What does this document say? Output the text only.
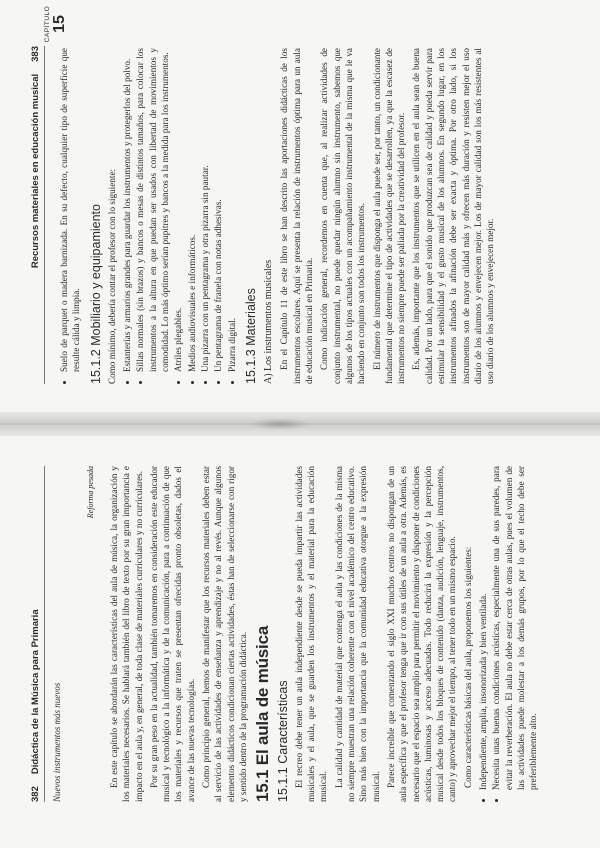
382
Didáctica de la Música para Primaria Nuevos instrumentos más nuevos
Reforma pesada En este capítulo se abordarán las características del aula de música, la organización y los materiales necesarios. Se hablará también del libro de texto por su gran importancia e impacto en el aula y, en general, de toda clase de materiales curriculares y no curriculares. Por su gran peso en la actualidad, también tomaremos en consideración este educador musical y tecnológico a la informática y de la comunicación, para a continuación de que los materiales y recursos que traten se presentan ofrecidas pronto obsoletas, dados el avance de las nuevas tecnologías. Como principio general, hemos de manifestar que los recursos materiales deben estar al servicio de las actividades de enseñanza y aprendizaje y no al revés. Aunque algunos elementos didácticos condicionan ciertas actividades, éstas han de seleccionarse con rigor y sentido dentro de la programación didáctica. 15.1 El aula de música 15.1.1 Características El recreo debe tener un aula independiente desde se pueda impartir las actividades musicales y el aula, que se guarden los instrumentos y el material para la educación musical. La calidad y cantidad de material que contenga el aula y las condiciones de la misma no siempre muestran una relación coherente con el nivel académico del centro educativo. Sino más bien con la importancia que la comunidad educativa otorgue a la expresión musical. Parece increíble que comenzando el siglo XXI muchos centros no dispongan de un aula específica y que el profesor tenga que ir con sus útiles de un aula a otra. Además, es necesario que el espacio sea amplio para permitir el movimiento y disponer de condiciones acústicas, luminosas y acceso adecuadas. Todo reducirá la expresión y la percepción musical desde todos los bloques de contenido (danza, audición, lenguaje, instrumentos, canto) y aprovechar mejor el tiempo, al tener todo en un mismo espacio. Como características básicas del aula, proponemos los siguientes: • Independiente, amplia, insonorizada y bien ventilada. • Necesita unas buenas condiciones acústicas, especialmente una de sus paredes, para evitar la reverberación. El aula no debe estar cerca de otras aulas, pues el volumen de las actividades puede molestar a los demás grupos, por lo que el techo debe ser preferiblemente alto.
Recursos materiales en educación musical
383
CAPÍTULO 15
• Suelo de parquet o madera barnizada. En su defecto, cualquier tipo de superficie que resulte cálida y limpia. 15.1.2 Mobiliario y equipamiento Como mínimo, debería contar el profesor con lo siguiente: • Estanterías y armarios grandes para guardar los instrumentos y protegerlos del polvo. • Sillas normales (sin brazos) y bancos o mesas de distintos tamaños, para colocar los instrumentos a la altura en que puedan ser usados con libertad de movimientos y comodidad. Lo más óptimo serían pupitres y bancos a la medida para los instrumentos. • Atriles plegables. • Medios audiovisuales e informáticos. • Una pizarra con un pentagrama y otra pizarra sin pautar. • Un pentagrama de franela con notas adhesivas. • Pizarra digital. 15.1.3 Materiales A) Los instrumentos musicales En el Capítulo 11 de este libro se han descrito las aportaciones didácticas de los instrumentos escolares. Aquí se presenta la relación de instrumentos óptima para un aula de educación musical en Primaria. Como indicación general, recordemos en cuenta que, al realizar actividades de conjunto instrumental, no puede quedar ningún alumno sin instrumento, sabemos que algunos de los tipos actuales con un acompañamiento instrumental de la misma que le va haciendo en conjunto son todos los instrumentos. El número de instrumentos que disponga el aula puede ser, por tanto, un condicionante fundamental que determine el tipo de actividades que se desarrollen, ya que la escasez de instrumentos no siempre puede ser paliada por la creatividad del profesor. Es, además, importante que los instrumentos que se utilicen en el aula sean de buena calidad. Por un lado, para que el sonido que produzcan sea de calidad y pueda servir para estimular la sensibilidad y el gusto musical de los alumnos. En segundo lugar, en los instrumentos afinados la afinación debe ser exacta y óptima. Por otro lado, si los instrumentos son de mayor calidad más y ofrecen más duración y resisten mejor el uso diario de los alumnos y envejecen mejor. Los de mayor calidad son los más resistentes al uso diario de los alumnos y envejecen mejor.
